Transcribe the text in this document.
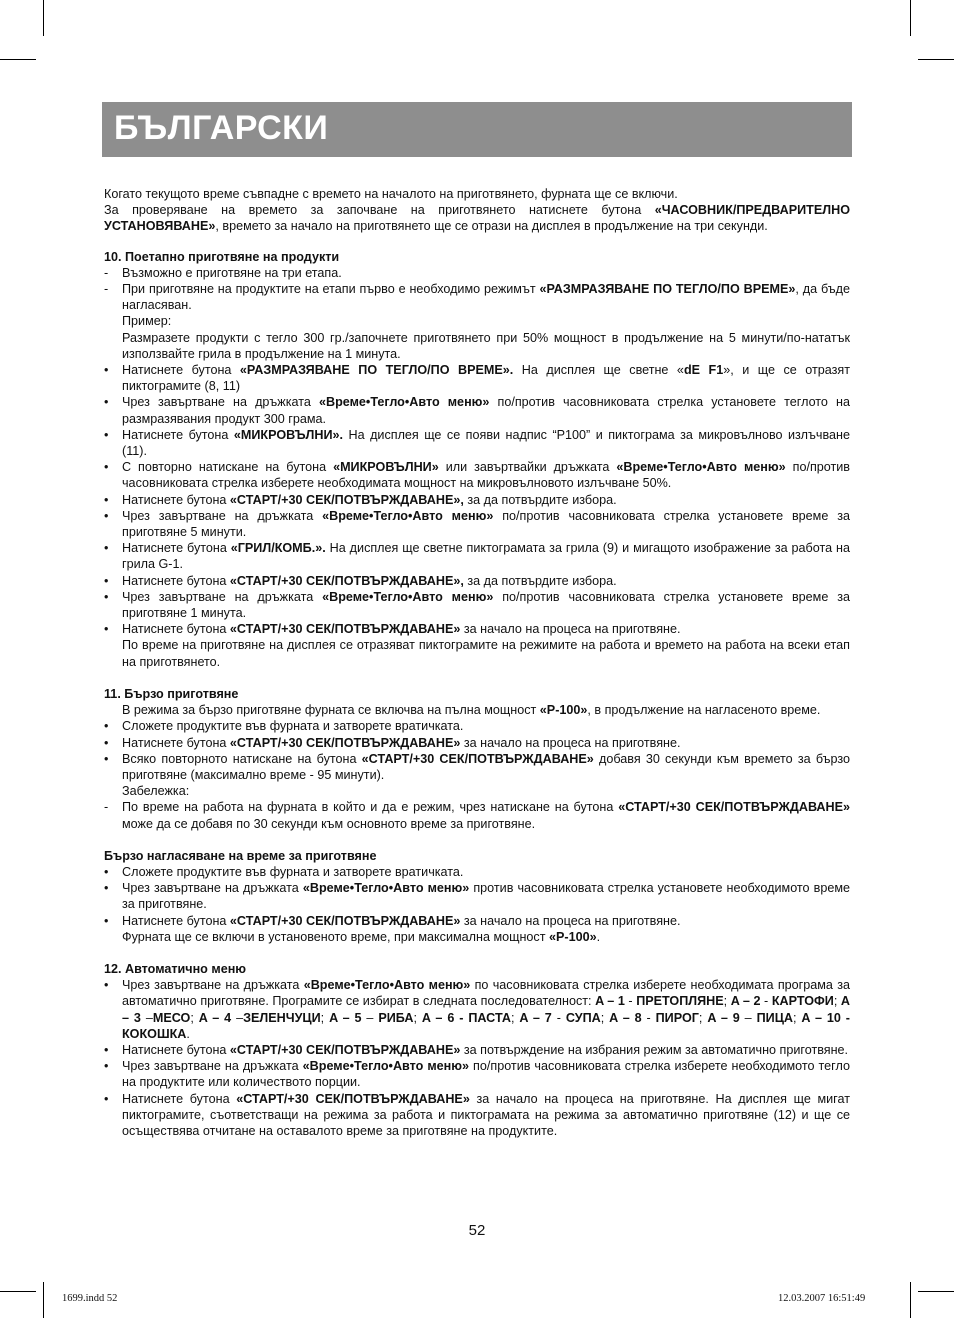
БЪЛГАРСКИ

Когато текущото време съвпадне с времето на началото на приготвянето, фурната ще се включи.

За проверяване на времето за започване на приготвянето натиснете бутона «ЧАСОВНИК/ПРЕДВАРИТЕЛНО УСТАНОВЯВАНЕ», времето за начало на приготвянето ще се отрази на дисплея в продължение на три секунди.

10. Поетапно приготвяне на продукти

-	Възможно е приготвяне на три етапа.
-	При приготвяне на продуктите на етапи първо е необходимо режимът «РАЗМРАЗЯВАНЕ ПО ТЕГЛО/ПО ВРЕМЕ», да бъде нагласяван.

Пример:

Размразете продукти с тегло 300 гр./започнете приготвянето при 50% мощност в продължение на 5 минути/по-нататък използвайте грила в продължение на 1 минута.

•	Натиснете бутона «РАЗМРАЗЯВАНЕ ПО ТЕГЛО/ПО ВРЕМЕ». На дисплея ще светне «dE F1», и ще се отразят пиктограмите (8, 11)
•	Чрез завъртване на дръжката «Време•Тегло•Авто меню» по/против часовниковата стрелка установете теглото на размразявания продукт 300 грама.
•	Натиснете бутона «МИКРОВЪЛНИ». На дисплея ще се появи надпис “P100” и пиктограма за микровълново излъчване (11).
•	С повторно натискане на бутона «МИКРОВЪЛНИ» или завъртвайки дръжката «Време•Тегло•Авто меню» по/против часовниковата стрелка изберете необходимата мощност на микровълновото излъчване 50%.
•	Натиснете бутона «СТАРТ/+30 СЕК/ПОТВЪРЖДАВАНЕ», за да потвърдите избора.
•	Чрез завъртване на дръжката «Време•Тегло•Авто меню» по/против часовниковата стрелка установете време за приготвяне 5 минути.
•	Натиснете бутона «ГРИЛ/КОМБ.». На дисплея ще светне пиктограмата за грила (9) и мигащото изображение за работа на грила G-1.
•	Натиснете бутона «СТАРТ/+30 СЕК/ПОТВЪРЖДАВАНЕ», за да потвърдите избора.
•	Чрез завъртване на дръжката «Време•Тегло•Авто меню» по/против часовниковата стрелка установете време за приготвяне 1 минута.
•	Натиснете бутона «СТАРТ/+30 СЕК/ПОТВЪРЖДАВАНЕ» за начало на процеса на приготвяне.

По време на приготвяне на дисплея се отразяват пиктограмите на режимите на работа и времето на работа на всеки етап на приготвянето.

11. Бързо приготвяне

В режима за бързо приготвяне фурната се включва на пълна мощност «P-100», в продължение на нагласеното време.

•	Сложете продуктите във фурната и затворете вратичката.
•	Натиснете бутона «СТАРТ/+30 СЕК/ПОТВЪРЖДАВАНЕ» за начало на процеса на приготвяне.
•	Всяко повторното натискане на бутона «СТАРТ/+30 СЕК/ПОТВЪРЖДАВАНЕ» добавя 30 секунди към времето за бързо приготвяне (максимално време - 95 минути).

Забележка:

-	По време на работа на фурната в който и да е режим, чрез натискане на бутона «СТАРТ/+30 СЕК/ПОТВЪРЖДАВАНЕ» може да се добавя по 30 секунди към основното време за приготвяне.

Бързо нагласяване на време за приготвяне

•	Сложете продуктите във фурната и затворете вратичката.
•	Чрез завъртване на дръжката «Време•Тегло•Авто меню» против часовниковата стрелка установете необходимото време за приготвяне.
•	Натиснете бутона «СТАРТ/+30 СЕК/ПОТВЪРЖДАВАНЕ» за начало на процеса на приготвяне.

Фурната ще се включи в установеното време, при максимална мощност «P-100».

12. Автоматично меню

•	Чрез завъртване на дръжката «Време•Тегло•Авто меню» по часовниковата стрелка изберете необходимата програма за автоматично приготвяне. Програмите се избират в следната последователност: A – 1 - ПРЕТОПЛЯНЕ; A – 2 - КАРТОФИ; A – 3 –МЕСО; A – 4 –ЗЕЛЕНЧУЦИ; A – 5 – РИБА; A – 6 - ПАСТА; A – 7 - СУПА; A – 8 - ПИРОГ; A – 9 – ПИЦА; A – 10 - КОКОШКА.
•	Натиснете бутона «СТАРТ/+30 СЕК/ПОТВЪРЖДАВАНЕ» за потвърждение на избрания режим за автоматично приготвяне.
•	Чрез завъртване на дръжката «Време•Тегло•Авто меню» по/против часовниковата стрелка изберете необходимото тегло на продуктите или количеството порции.
•	Натиснете бутона «СТАРТ/+30 СЕК/ПОТВЪРЖДАВАНЕ» за начало на процеса на приготвяне. На дисплея ще мигат пиктограмите, съответстващи на режима за работа и пиктограмата на режима за автоматично приготвяне (12) и ще се осъществява отчитане на оставалото време за приготвяне на продуктите.
52
1699.indd 52	12.03.2007 16:51:49
